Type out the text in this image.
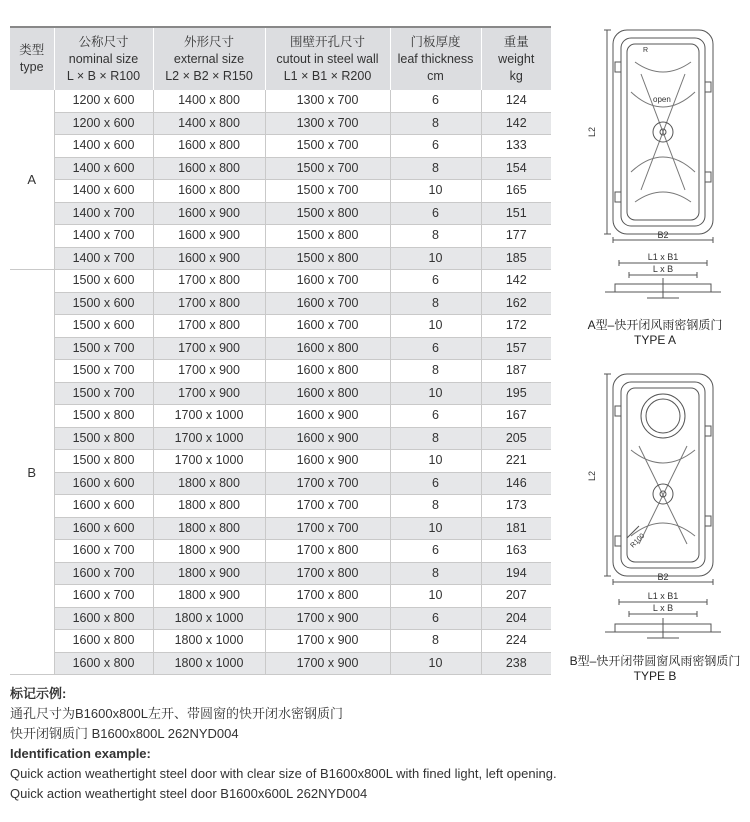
类型
type	公称尺寸
nominal size
L × B × R100	外形尺寸
external size
L2 × B2 × R150	围壁开孔尺寸
cutout in steel wall
L1 × B1 × R200	门板厚度
leaf thickness
cm	重量
weight
kg
A	1200 x 600	1400 x 800	1300 x 700	6	124
	1200 x 600	1400 x 800	1300 x 700	8	142
	1400 x 600	1600 x 800	1500 x 700	6	133
	1400 x 600	1600 x 800	1500 x 700	8	154
	1400 x 600	1600 x 800	1500 x 700	10	165
	1400 x 700	1600 x 900	1500 x 800	6	151
	1400 x 700	1600 x 900	1500 x 800	8	177
	1400 x 700	1600 x 900	1500 x 800	10	185
B	1500 x 600	1700 x 800	1600 x 700	6	142
	1500 x 600	1700 x 800	1600 x 700	8	162
	1500 x 600	1700 x 800	1600 x 700	10	172
	1500 x 700	1700 x 900	1600 x 800	6	157
	1500 x 700	1700 x 900	1600 x 800	8	187
	1500 x 700	1700 x 900	1600 x 800	10	195
	1500 x 800	1700 x 1000	1600 x 900	6	167
	1500 x 800	1700 x 1000	1600 x 900	8	205
	1500 x 800	1700 x 1000	1600 x 900	10	221
	1600 x 600	1800 x 800	1700 x 700	6	146
	1600 x 600	1800 x 800	1700 x 700	8	173
	1600 x 600	1800 x 800	1700 x 700	10	181
	1600 x 700	1800 x 900	1700 x 800	6	163
	1600 x 700	1800 x 900	1700 x 800	8	194
	1600 x 700	1800 x 900	1700 x 800	10	207
	1600 x 800	1800 x 1000	1700 x 900	6	204
	1600 x 800	1800 x 1000	1700 x 900	8	224
	1600 x 800	1800 x 1000	1700 x 900	10	238
标记示例:
通孔尺寸为B1600x800L左开、带圆窗的快开闭水密钢质门
快开闭钢质门 B1600x800L 262NYD004
Identification example:
Quick action weathertight steel door with clear size of B1600x800L with fined light, left opening.
Quick action weathertight steel door B1600x600L 262NYD004
L2
B2
R
open
L1 x B1
L x B
A型–快开闭风雨密钢质门
TYPE A
L2
B2
R100
L1 x B1
L x B
B型–快开闭带圆窗风雨密钢质门
TYPE B
